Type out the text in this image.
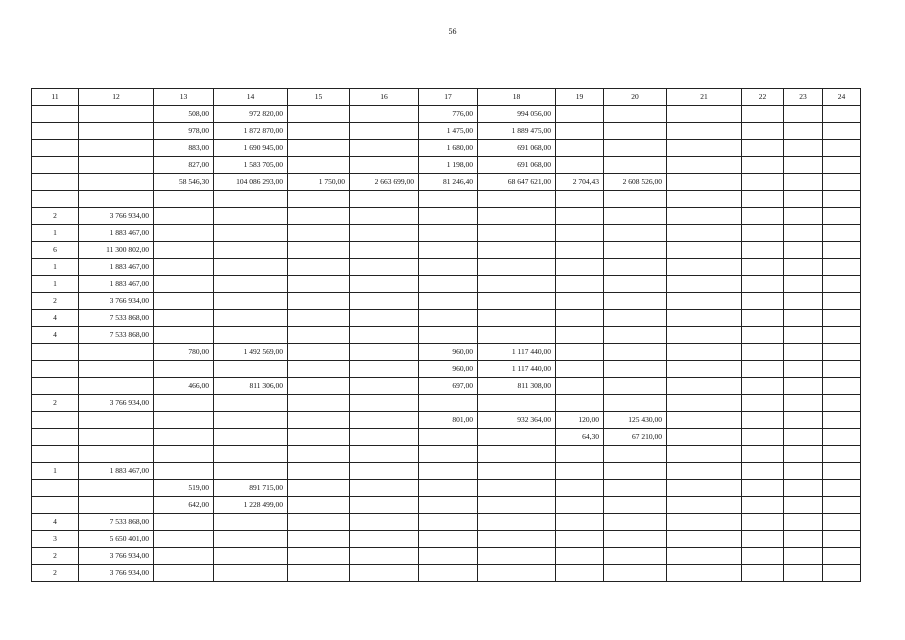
56
11	12	13	14	15	16	17	18	19	20	21	22	23	24
		508,00	972 820,00			776,00	994 056,00						
		978,00	1 872 870,00			1 475,00	1 889 475,00						
		883,00	1 690 945,00			1 680,00	691 068,00						
		827,00	1 583 705,00			1 198,00	691 068,00						
		58 546,30	104 086 293,00	1 750,00	2 663 699,00	81 246,40	68 647 621,00	2 704,43	2 608 526,00				

2	3 766 934,00												
1	1 883 467,00												
6	11 300 802,00												
1	1 883 467,00												
1	1 883 467,00												
2	3 766 934,00												
4	7 533 868,00												
4	7 533 868,00												
		780,00	1 492 569,00			960,00	1 117 440,00						
						960,00	1 117 440,00						
		466,00	811 306,00			697,00	811 308,00						
2	3 766 934,00												
						801,00	932 364,00	120,00	125 430,00				
								64,30	67 210,00				

1	1 883 467,00												
		519,00	891 715,00										
		642,00	1 228 499,00										
4	7 533 868,00												
3	5 650 401,00												
2	3 766 934,00												
2	3 766 934,00												
